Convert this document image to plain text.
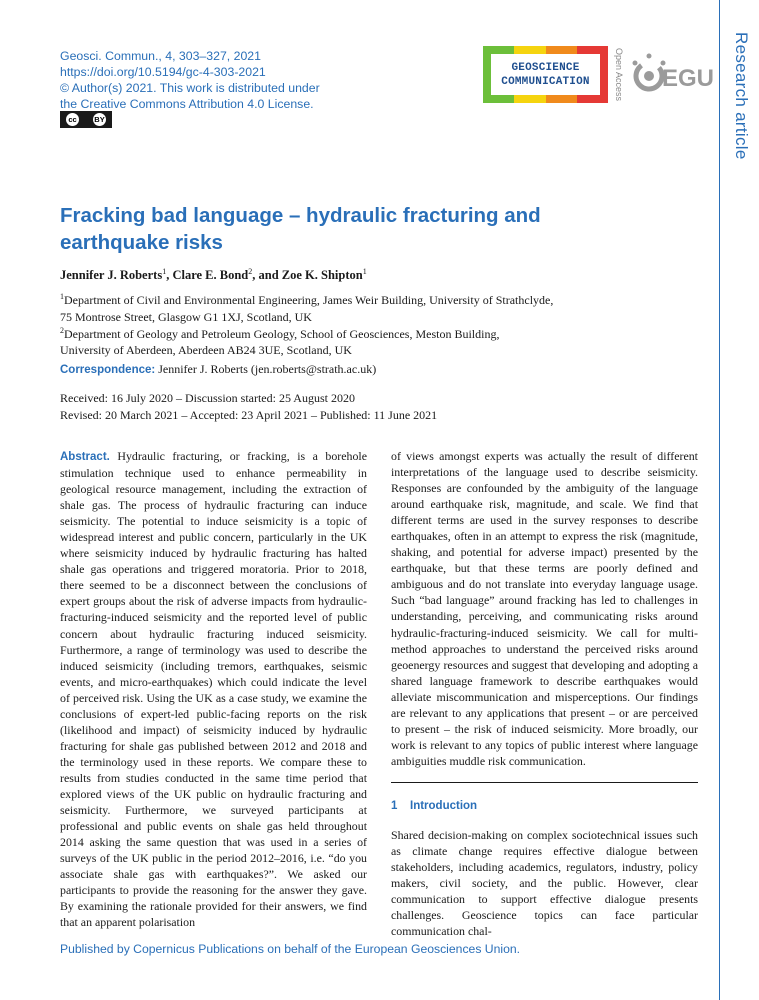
Geosci. Commun., 4, 303–327, 2021
https://doi.org/10.5194/gc-4-303-2021
© Author(s) 2021. This work is distributed under
the Creative Commons Attribution 4.0 License.
cc	BY
GEOSCIENCE
COMMUNICATION	Open Access EGU Research article
Fracking bad language – hydraulic fracturing and earthquake risks
Jennifer J. Roberts$^1$, Clare E. Bond$^2$, and Zoe K. Shipton$^1$
$^1$Department of Civil and Environmental Engineering, James Weir Building, University of Strathclyde,
75 Montrose Street, Glasgow G1 1XJ, Scotland, UK
$^2$Department of Geology and Petroleum Geology, School of Geosciences, Meston Building,
University of Aberdeen, Aberdeen AB24 3UE, Scotland, UK
Correspondence: Jennifer J. Roberts (jen.roberts@strath.ac.uk)
Received: 16 July 2020 – Discussion started: 25 August 2020
Revised: 20 March 2021 – Accepted: 23 April 2021 – Published: 11 June 2021
Abstract. Hydraulic fracturing, or fracking, is a borehole stimulation technique used to enhance permeability in geological resource management, including the extraction of shale gas. The process of hydraulic fracturing can induce seismicity. The potential to induce seismicity is a topic of widespread interest and public concern, particularly in the UK where seismicity induced by hydraulic fracturing has halted shale gas operations and triggered moratoria. Prior to 2018, there seemed to be a disconnect between the conclusions of expert groups about the risk of adverse impacts from hydraulic-fracturing-induced seismicity and the reported level of public concern about hydraulic fracturing induced seismicity. Furthermore, a range of terminology was used to describe the induced seismicity (including tremors, earthquakes, seismic events, and micro-earthquakes) which could indicate the level of perceived risk. Using the UK as a case study, we examine the conclusions of expert-led public-facing reports on the risk (likelihood and impact) of seismicity induced by hydraulic fracturing for shale gas published between 2012 and 2018 and the terminology used in these reports. We compare these to results from studies conducted in the same time period that explored views of the UK public on hydraulic fracturing and seismicity. Furthermore, we surveyed participants at professional and public events on shale gas held throughout 2014 asking the same question that was used in a series of surveys of the UK public in the period 2012–2016, i.e. “do you associate shale gas with earthquakes?”. We asked our participants to provide the reasoning for the answer they gave. By examining the rationale provided for their answers, we find that an apparent polarisation
of views amongst experts was actually the result of different interpretations of the language used to describe seismicity. Responses are confounded by the ambiguity of the language around earthquake risk, magnitude, and scale. We find that different terms are used in the survey responses to describe earthquakes, often in an attempt to express the risk (magnitude, shaking, and potential for adverse impact) presented by the earthquake, but that these terms are poorly defined and ambiguous and do not translate into everyday language usage. Such “bad language” around fracking has led to challenges in understanding, perceiving, and communicating risks around hydraulic-fracturing-induced seismicity. We call for multi-method approaches to understand the perceived risks around geoenergy resources and suggest that developing and adopting a shared language framework to describe earthquakes would alleviate miscommunication and misperceptions. Our findings are relevant to any applications that present – or are perceived to present – the risk of induced seismicity. More broadly, our work is relevant to any topics of public interest where language ambiguities muddle risk communication.
1 Introduction
Shared decision-making on complex sociotechnical issues such as climate change requires effective dialogue between stakeholders, including academics, regulators, industry, policy makers, civil society, and the public. However, clear communication to support effective dialogue presents challenges. Geoscience topics can face particular communication chal-
Published by Copernicus Publications on behalf of the European Geosciences Union.
